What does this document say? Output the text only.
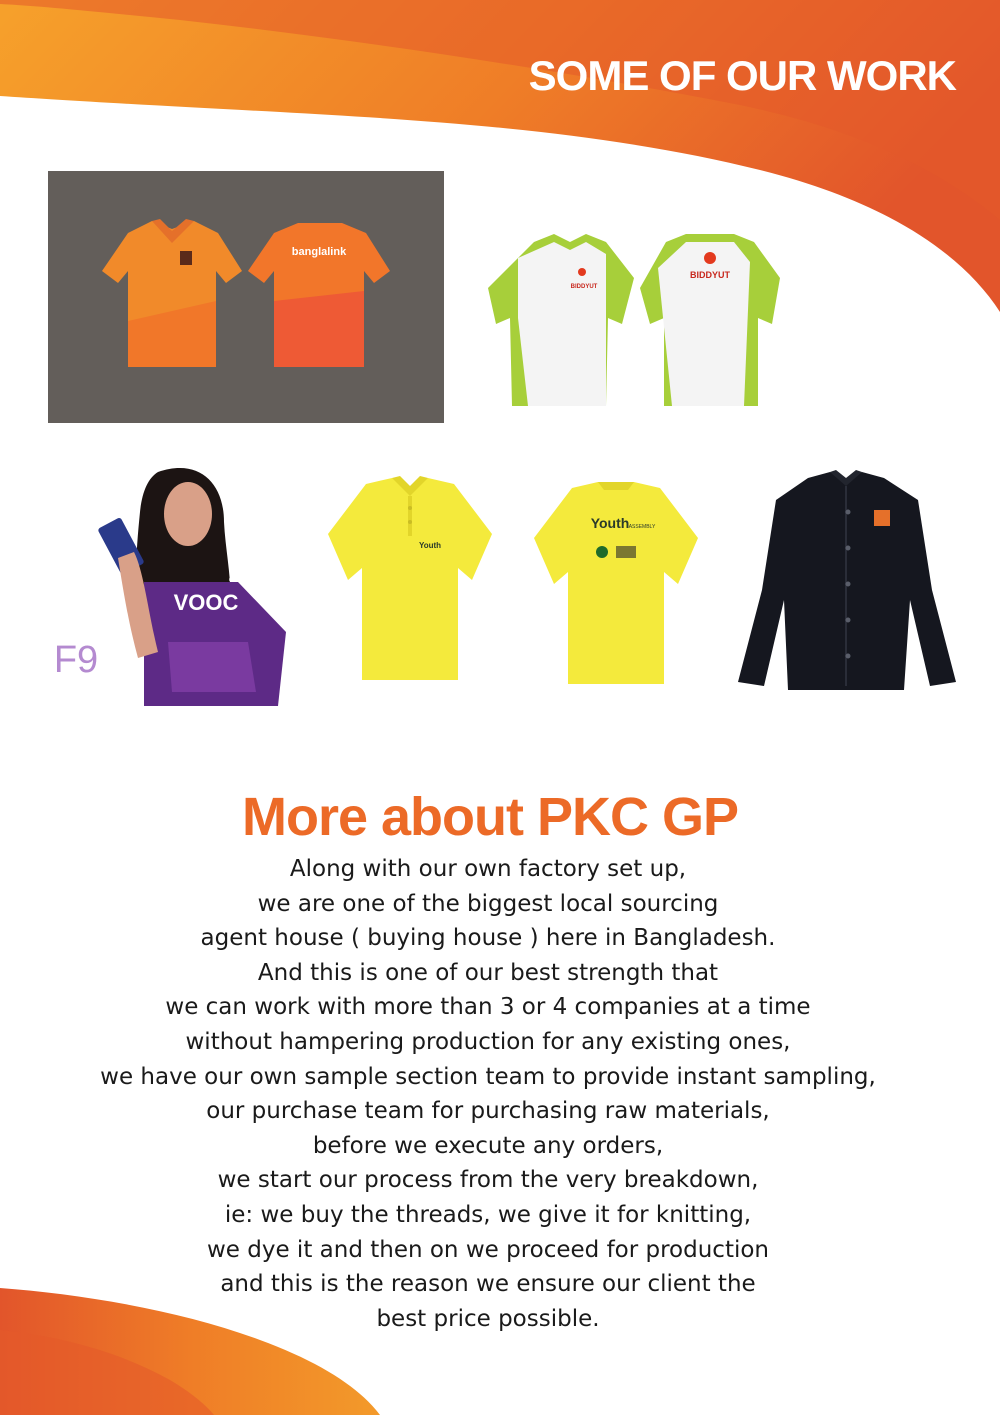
SOME OF OUR WORK
banglalink
BIDDYUT
BIDDYUT
VOOC
OPPO F9
F9
Youth
Youth ASSEMBLY
More about PKC GP
Along with our own factory set up,
we are one of the biggest local sourcing
agent house ( buying house ) here in Bangladesh.
And this is one of our best strength that
we can work with more than 3 or 4 companies at a time
without hampering production for any existing ones,
we have our own sample section team to provide instant sampling,
our purchase team for purchasing raw materials,
before we execute any orders,
we start our process from the very breakdown,
ie: we buy the threads, we give it for knitting,
we dye it and then on we proceed for production
and this is the reason we ensure our client the
best price possible.
